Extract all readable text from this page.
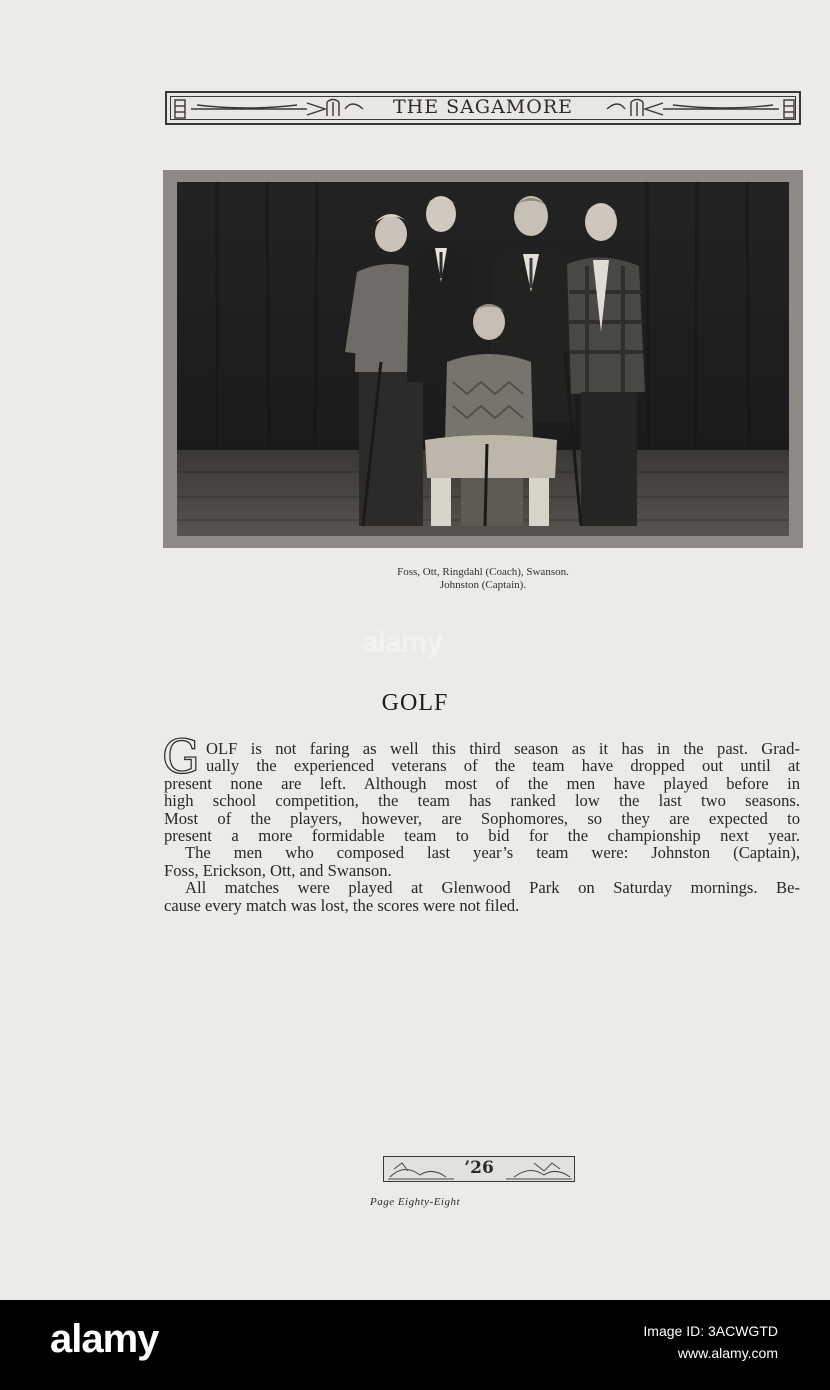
THE SAGAMORE
Foss, Ott, Ringdahl (Coach), Swanson.
Johnston (Captain).
alamy
GOLF
G OLF is not faring as well this third season as it has in the past. Grad-
ually the experienced veterans of the team have dropped out until at
present none are left. Although most of the men have played before in
high school competition, the team has ranked low the last two seasons.
Most of the players, however, are Sophomores, so they are expected to
present a more formidable team to bid for the championship next year.
The men who composed last year’s team were: Johnston (Captain),
Foss, Erickson, Ott, and Swanson.
All matches were played at Glenwood Park on Saturday mornings. Be-
cause every match was lost, the scores were not filed.
’26
Page Eighty-Eight
alamy	Image ID: 3ACWGTD
www.alamy.com
